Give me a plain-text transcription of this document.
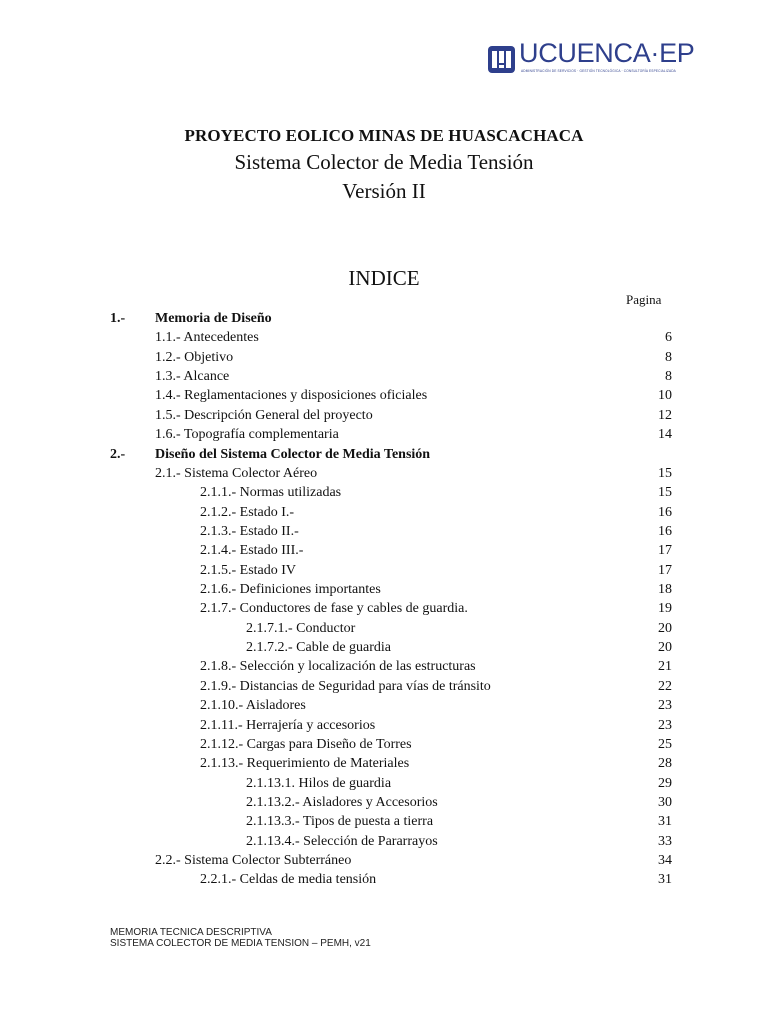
UCUENCA·EP
ADMINISTRACIÓN DE SERVICIOS · GESTIÓN TECNOLÓGICA · CONSULTORÍA ESPECIALIZADA
PROYECTO EOLICO MINAS DE HUASCACHACA
Sistema Colector de Media Tensión
Versión II
INDICE
Pagina
1.- Memoria de Diseño
1.1.- Antecedentes	6
1.2.- Objetivo	8
1.3.- Alcance	8
1.4.- Reglamentaciones y disposiciones oficiales	10
1.5.- Descripción General del proyecto	12
1.6.- Topografía complementaria	14
2.- Diseño del Sistema Colector de Media Tensión
2.1.- Sistema Colector Aéreo	15
2.1.1.- Normas utilizadas	15
2.1.2.- Estado I.-	16
2.1.3.- Estado II.-	16
2.1.4.- Estado III.-	17
2.1.5.- Estado IV	17
2.1.6.- Definiciones importantes	18
2.1.7.- Conductores de fase y cables de guardia.	19
2.1.7.1.- Conductor	20
2.1.7.2.- Cable de guardia	20
2.1.8.- Selección y localización de las estructuras	21
2.1.9.- Distancias de Seguridad para vías de tránsito	22
2.1.10.- Aisladores	23
2.1.11.- Herrajería y accesorios	23
2.1.12.- Cargas para Diseño de Torres	25
2.1.13.- Requerimiento de Materiales	28
2.1.13.1. Hilos de guardia	29
2.1.13.2.- Aisladores y Accesorios	30
2.1.13.3.- Tipos de puesta a tierra	31
2.1.13.4.- Selección de Pararrayos	33
2.2.- Sistema Colector Subterráneo	34
2.2.1.- Celdas de media tensión	31
MEMORIA TECNICA DESCRIPTIVA
SISTEMA COLECTOR DE MEDIA TENSION – PEMH, v21
